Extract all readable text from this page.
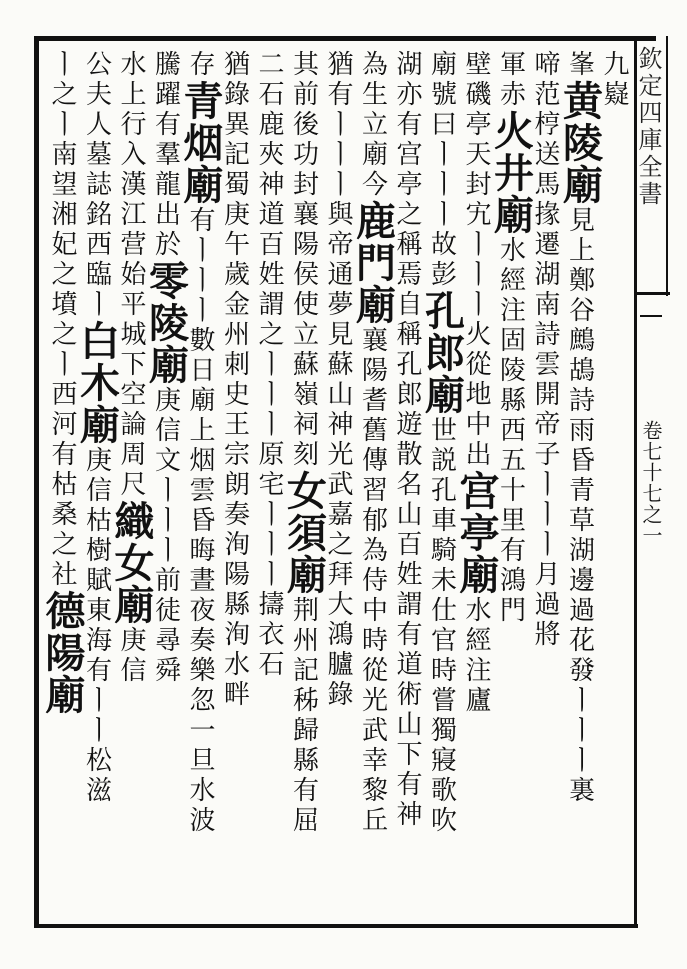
欽定四庫全書
卷七十七之一
九嶷
峯黄陵廟見上鄭谷鷓鴣詩雨昏青草湖邊過花發ㅣㅣㅣ裏
啼范梈送馬掾遷湖南詩雲開帝子ㅣㅣㅣ月過將
軍赤火井廟水經注固陵縣西五十里有鴻門
壁磯亭天封宄ㅣㅣㅣ火從地中出宫亭廟水經注廬
廟號曰ㅣㅣㅣ故彭孔郎廟世説孔車騎未仕官時嘗獨寢歌吹
湖亦有宫亭之稱焉自稱孔郎遊散名山百姓謂有道術山下有神
為生立廟今鹿門廟襄陽耆舊傳習郁為侍中時從光武幸黎丘
猶有ㅣㅣㅣ與帝通夢見蘇山神光武嘉之拜大鴻臚錄
其前後功封襄陽侯使立蘇嶺祠刻女須廟荆州記秭歸縣有屈
二石鹿夾神道百姓謂之ㅣㅣㅣ原宅ㅣㅣㅣ擣衣石
猶錄異記蜀庚午歲金州刺史王宗朗奏洵陽縣洵水畔
存青烟廟有ㅣㅣㅣ數日廟上烟雲昏晦晝夜奏樂忽一旦水波
騰躍有羣龍出於零陵廟庚信文ㅣㅣㅣ前徒尋舜
水上行入漢江营始平城下空論周尺織女廟庚信
公夫人墓誌銘西臨ㅣ白木廟庚信枯樹賦東海有ㅣㅣ松滋
ㅣ之ㅣ南望湘妃之墳之ㅣ西河有枯桑之社德陽廟
